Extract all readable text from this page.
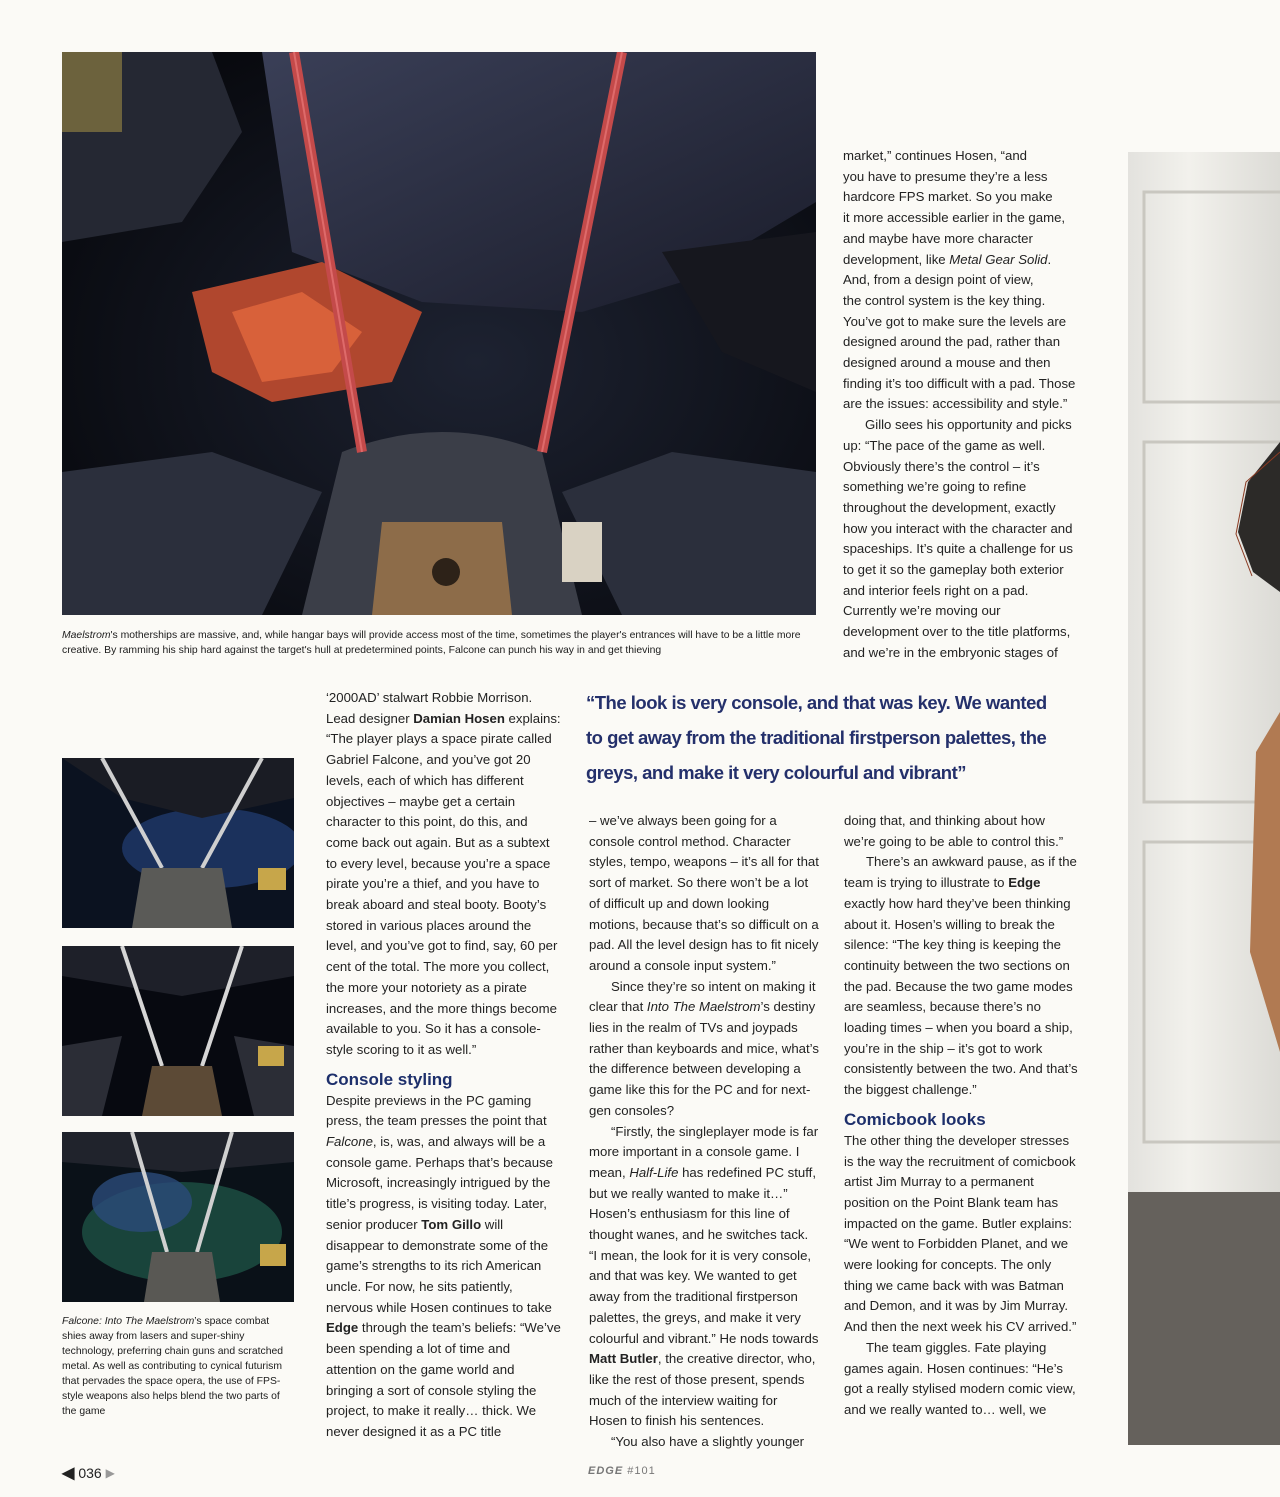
Maelstrom's motherships are massive, and, while hangar bays will provide access most of the time, sometimes the player's entrances will have to be a little more creative. By ramming his ship hard against the target's hull at predetermined points, Falcone can punch his way in and get thieving

market,” continues Hosen, “and

you have to presume they’re a less

hardcore FPS market. So you make

it more accessible earlier in the game,

and maybe have more character

development, like Metal Gear Solid.

And, from a design point of view,

the control system is the key thing.

You’ve got to make sure the levels are

designed around the pad, rather than

designed around a mouse and then

finding it’s too difficult with a pad. Those

are the issues: accessibility and style.”

Gillo sees his opportunity and picks up: “The pace of the game as well. Obviously there’s the control – it’s something we’re going to refine throughout the development, exactly how you interact with the character and spaceships. It’s quite a challenge for us to get it so the gameplay both exterior and interior feels right on a pad. Currently we’re moving our development over to the title platforms, and we’re in the embryonic stages of

Falcone: Into The Maelstrom’s space combat shies away from lasers and super-shiny technology, preferring chain guns and scratched metal. As well as contributing to cynical futurism that pervades the space opera, the use of FPS-style weapons also helps blend the two parts of the game

‘2000AD’ stalwart Robbie Morrison. Lead designer Damian Hosen explains: “The player plays a space pirate called Gabriel Falcone, and you’ve got 20 levels, each of which has different objectives – maybe get a certain character to this point, do this, and come back out again. But as a subtext to every level, because you’re a space pirate you’re a thief, and you have to break aboard and steal booty. Booty’s stored in various places around the level, and you’ve got to find, say, 60 per cent of the total. The more you collect, the more your notoriety as a pirate increases, and the more things become available to you. So it has a console-style scoring to it as well.”

Console styling

Despite previews in the PC gaming press, the team presses the point that Falcone, is, was, and always will be a console game. Perhaps that’s because Microsoft, increasingly intrigued by the title’s progress, is visiting today. Later, senior producer Tom Gillo will disappear to demonstrate some of the game’s strengths to its rich American uncle. For now, he sits patiently, nervous while Hosen continues to take Edge through the team’s beliefs: “We’ve been spending a lot of time and attention on the game world and bringing a sort of console styling the project, to make it really… thick. We never designed it as a PC title

“The look is very console, and that was key. We wanted to get away from the traditional firstperson palettes, the greys, and make it very colourful and vibrant”

– we’ve always been going for a console control method. Character styles, tempo, weapons – it’s all for that sort of market. So there won’t be a lot of difficult up and down looking motions, because that’s so difficult on a pad. All the level design has to fit nicely around a console input system.”

Since they’re so intent on making it clear that Into The Maelstrom’s destiny lies in the realm of TVs and joypads rather than keyboards and mice, what’s the difference between developing a game like this for the PC and for next-gen consoles?

“Firstly, the singleplayer mode is far more important in a console game. I mean, Half-Life has redefined PC stuff, but we really wanted to make it…” Hosen’s enthusiasm for this line of thought wanes, and he switches tack. “I mean, the look for it is very console, and that was key. We wanted to get away from the traditional firstperson palettes, the greys, and make it very colourful and vibrant.” He nods towards Matt Butler, the creative director, who, like the rest of those present, spends much of the interview waiting for Hosen to finish his sentences.

“You also have a slightly younger

doing that, and thinking about how we’re going to be able to control this.”

There’s an awkward pause, as if the team is trying to illustrate to Edge exactly how hard they’ve been thinking about it. Hosen’s willing to break the silence: “The key thing is keeping the continuity between the two sections on the pad. Because the two game modes are seamless, because there’s no loading times – when you board a ship, you’re in the ship – it’s got to work consistently between the two. And that’s the biggest challenge.”

Comicbook looks

The other thing the developer stresses is the way the recruitment of comicbook artist Jim Murray to a permanent position on the Point Blank team has impacted on the game. Butler explains: “We went to Forbidden Planet, and we were looking for concepts. The only thing we came back with was Batman and Demon, and it was by Jim Murray. And then the next week his CV arrived.”

The team giggles. Fate playing games again. Hosen continues: “He’s got a really stylised modern comic view, and we really wanted to… well, we

◀ 036 ▶	EDGE #101
